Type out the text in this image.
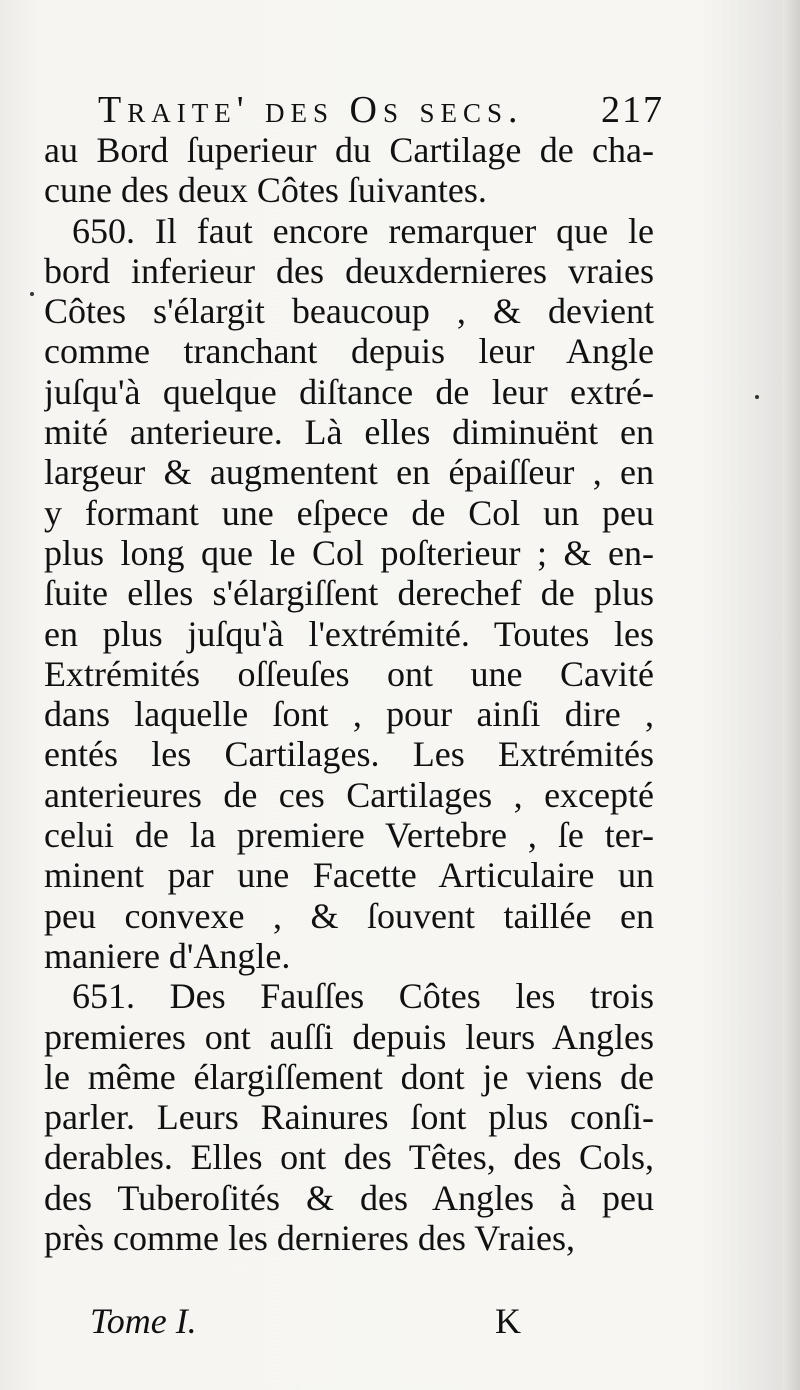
Traite' des Os secs. 217
au Bord ſuperieur du Cartilage de cha-
cune des deux Côtes ſuivantes.
650. Il faut encore remarquer que le
bord inferieur des deuxdernieres vraies
Côtes s'élargit beaucoup , & devient
comme tranchant depuis leur Angle
juſqu'à quelque diſtance de leur extré-
mité anterieure. Là elles diminuënt en
largeur & augmentent en épaiſſeur , en
y formant une eſpece de Col un peu
plus long que le Col poſterieur ; & en-
ſuite elles s'élargiſſent derechef de plus
en plus juſqu'à l'extrémité. Toutes les
Extrémités oſſeuſes ont une Cavité
dans laquelle ſont , pour ainſi dire ,
entés les Cartilages. Les Extrémités
anterieures de ces Cartilages , excepté
celui de la premiere Vertebre , ſe ter-
minent par une Facette Articulaire un
peu convexe , & ſouvent taillée en
maniere d'Angle.
651. Des Fauſſes Côtes les trois
premieres ont auſſi depuis leurs Angles
le même élargiſſement dont je viens de
parler. Leurs Rainures ſont plus conſi-
derables. Elles ont des Têtes, des Cols,
des Tuberoſités & des Angles à peu
près comme les dernieres des Vraies,
Tome I.	K
